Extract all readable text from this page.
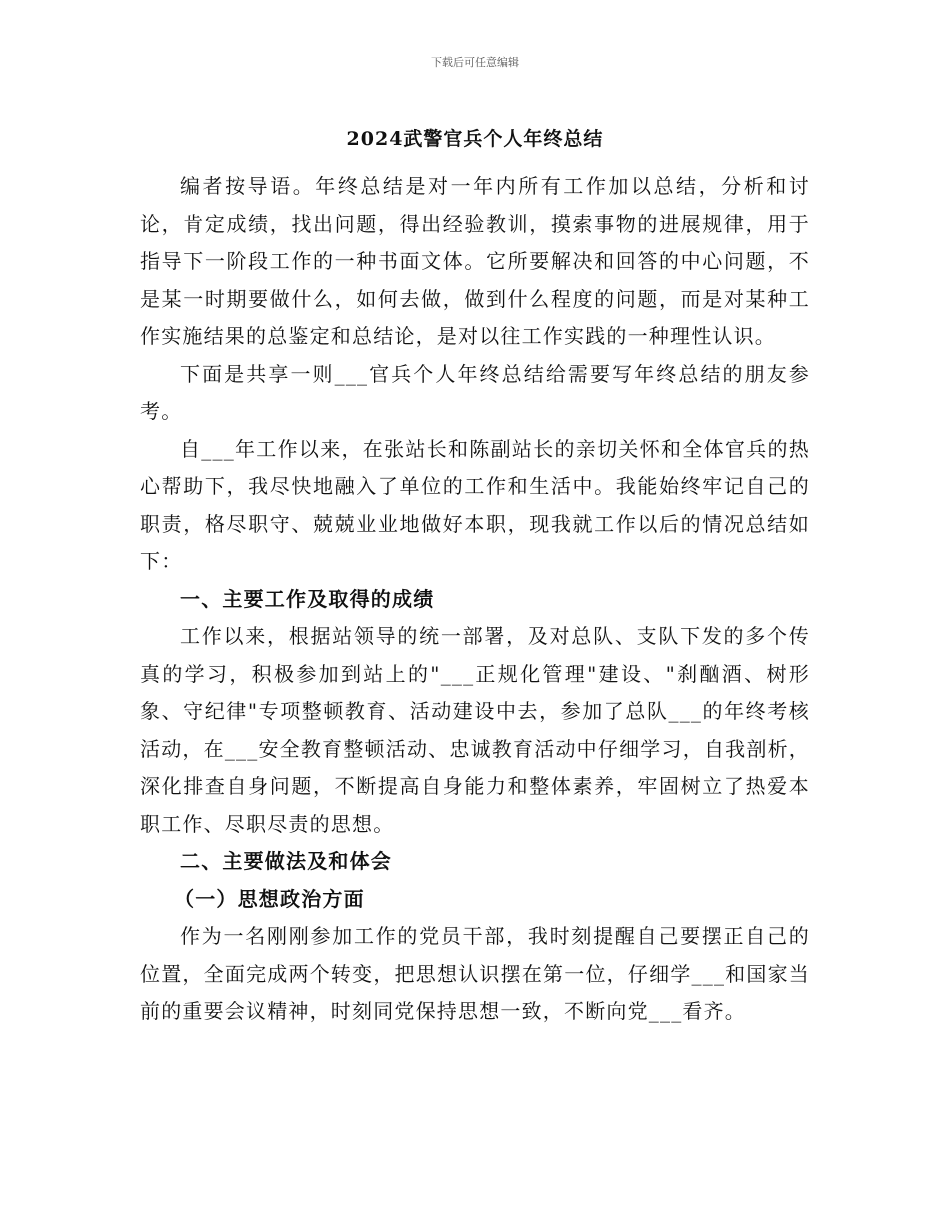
下载后可任意编辑
2024武警官兵个人年终总结

编者按导语。年终总结是对一年内所有工作加以总结，分析和讨论，肯定成绩，找出问题，得出经验教训，摸索事物的进展规律，用于指导下一阶段工作的一种书面文体。它所要解决和回答的中心问题，不是某一时期要做什么，如何去做，做到什么程度的问题，而是对某种工作实施结果的总鉴定和总结论，是对以往工作实践的一种理性认识。

下面是共享一则___官兵个人年终总结给需要写年终总结的朋友参考。

自___年工作以来，在张站长和陈副站长的亲切关怀和全体官兵的热心帮助下，我尽快地融入了单位的工作和生活中。我能始终牢记自己的职责，格尽职守、兢兢业业地做好本职，现我就工作以后的情况总结如下：

一、主要工作及取得的成绩

工作以来，根据站领导的统一部署，及对总队、支队下发的多个传真的学习，积极参加到站上的"___正规化管理"建设、"刹酗酒、树形象、守纪律"专项整顿教育、活动建设中去，参加了总队___的年终考核活动，在___安全教育整顿活动、忠诚教育活动中仔细学习，自我剖析，深化排查自身问题，不断提高自身能力和整体素养，牢固树立了热爱本职工作、尽职尽责的思想。

二、主要做法及和体会

（一）思想政治方面

作为一名刚刚参加工作的党员干部，我时刻提醒自己要摆正自己的位置，全面完成两个转变，把思想认识摆在第一位，仔细学___和国家当前的重要会议精神，时刻同党保持思想一致，不断向党___看齐。
